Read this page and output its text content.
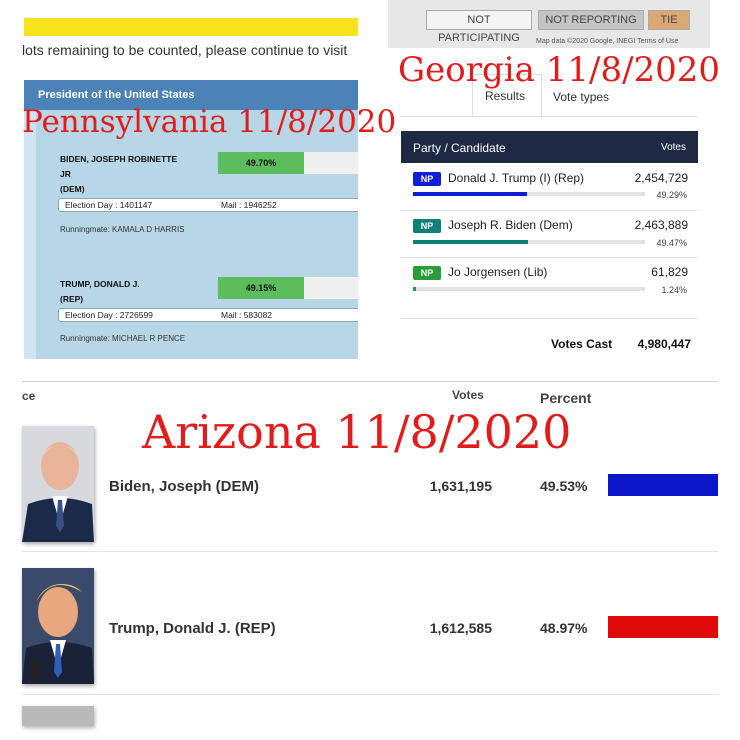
lots remaining to be counted, please continue to visit
President of the United States
BIDEN, JOSEPH ROBINETTE
JR
(DEM)
49.70%
Election Day : 1401147	Mail : 1946252
Runningmate: KAMALA D HARRIS
TRUMP, DONALD J.
(REP)
49.15%
Election Day : 2726599	Mail : 583082
Runningmate: MICHAEL R PENCE
NOT PARTICIPATING
NOT REPORTING	TIE
Map data ©2020 Google, INEGI Terms of Use
Results Vote types
Party / Candidate	Votes
NP	Donald J. Trump (I) (Rep)	2,454,729
49.29%
NP	Joseph R. Biden (Dem)	2,463,889
49.47%
NP	Jo Jorgensen (Lib)	61,829
1.24%
Votes Cast	4,980,447
ce	Votes	Percent
Biden, Joseph (DEM)	1,631,195	49.53%
Trump, Donald J. (REP)	1,612,585	48.97%
Pennsylvania 11/8/2020
Georgia 11/8/2020
Arizona 11/8/2020
